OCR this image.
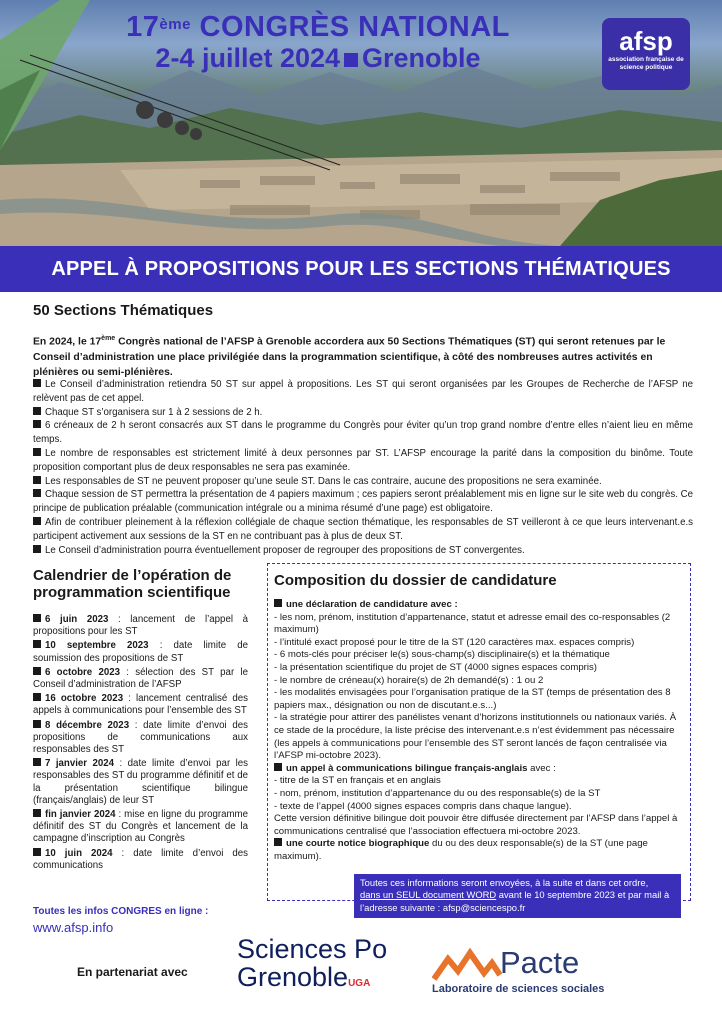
17ème CONGRÈS NATIONAL
2-4 juillet 2024 Grenoble
afsp
association française de science politique
APPEL À PROPOSITIONS POUR LES SECTIONS THÉMATIQUES
50 Sections Thématiques
En 2024, le 17ème Congrès national de l’AFSP à Grenoble accordera aux 50 Sections Thématiques (ST) qui seront retenues par le Conseil d’administration une place privilégiée dans la programmation scientifique, à côté des nombreuses autres activités en plénières ou semi-plénières.

Le Conseil d’administration retiendra 50 ST sur appel à propositions. Les ST qui seront organisées par les Groupes de Recherche de l’AFSP ne relèvent pas de cet appel.

Chaque ST s’organisera sur 1 à 2 sessions de 2 h.

6 créneaux de 2 h seront consacrés aux ST dans le programme du Congrès pour éviter qu’un trop grand nombre d’entre elles n’aient lieu en même temps.

Le nombre de responsables est strictement limité à deux personnes par ST. L’AFSP encourage la parité dans la composition du binôme. Toute proposition comportant plus de deux responsables ne sera pas examinée.

Les responsables de ST ne peuvent proposer qu’une seule ST. Dans le cas contraire, aucune des propositions ne sera examinée.

Chaque session de ST permettra la présentation de 4 papiers maximum ; ces papiers seront préalablement mis en ligne sur le site web du congrès. Ce principe de publication préalable (communication intégrale ou a minima résumé d’une page) est obligatoire.

Afin de contribuer pleinement à la réflexion collégiale de chaque section thématique, les responsables de ST veilleront à ce que leurs intervenant.e.s participent activement aux sessions de la ST en ne contribuant pas à plus de deux ST.

Le Conseil d’administration pourra éventuellement proposer de regrouper des propositions de ST convergentes.

Calendrier de l’opération de programmation scientifique
6 juin 2023 : lancement de l’appel à propositions pour les ST
10 septembre 2023 : date limite de soumission des propositions de ST
6 octobre 2023 : sélection des ST par le Conseil d’administration de l’AFSP
16 octobre 2023 : lancement centralisé des appels à communications pour l’ensemble des ST
8 décembre 2023 : date limite d’envoi des propositions de communications aux responsables des ST
7 janvier 2024 : date limite d’envoi par les responsables des ST du programme définitif et de la présentation scientifique bilingue (français/anglais) de leur ST
fin janvier 2024 : mise en ligne du programme définitif des ST du Congrès et lancement de la campagne d’inscription au Congrès
10 juin 2024 : date limite d’envoi des communications
Toutes les infos CONGRES en ligne :
www.afsp.info
Composition du dossier de candidature

une déclaration de candidature avec :

- les nom, prénom, institution d’appartenance, statut et adresse email des co-responsables (2 maximum)

- l’intitulé exact proposé pour le titre de la ST (120 caractères max. espaces compris)

- 6 mots-clés pour préciser le(s) sous-champ(s) disciplinaire(s) et la thématique

- la présentation scientifique du projet de ST (4000 signes espaces compris)

- le nombre de créneau(x) horaire(s) de 2h demandé(s) : 1 ou 2

- les modalités envisagées pour l’organisation pratique de la ST (temps de présentation des 8 papiers max., désignation ou non de discutant.e.s...)

- la stratégie pour attirer des panélistes venant d’horizons institutionnels ou nationaux variés. À ce stade de la procédure, la liste précise des intervenant.e.s n’est évidemment pas nécessaire (les appels à communications pour l’ensemble des ST seront lancés de façon centralisée via l’AFSP mi-octobre 2023).

un appel à communications bilingue français-anglais avec :

- titre de la ST en français et en anglais

- nom, prénom, institution d’appartenance du ou des responsable(s) de la ST

- texte de l’appel (4000 signes espaces compris dans chaque langue).

Cette version définitive bilingue doit pouvoir être diffusée directement par l’AFSP dans l’appel à communications centralisé que l’association effectuera mi-octobre 2023.

une courte notice biographique du ou des deux responsable(s) de la ST (une page maximum).

Toutes ces informations seront envoyées, à la suite et dans cet ordre,
dans un SEUL document WORD avant le 10 septembre 2023 et par mail à l’adresse suivante : afsp@sciencespo.fr
En partenariat avec
Sciences Po
GrenobleUGA
Pacte
Laboratoire de sciences sociales
